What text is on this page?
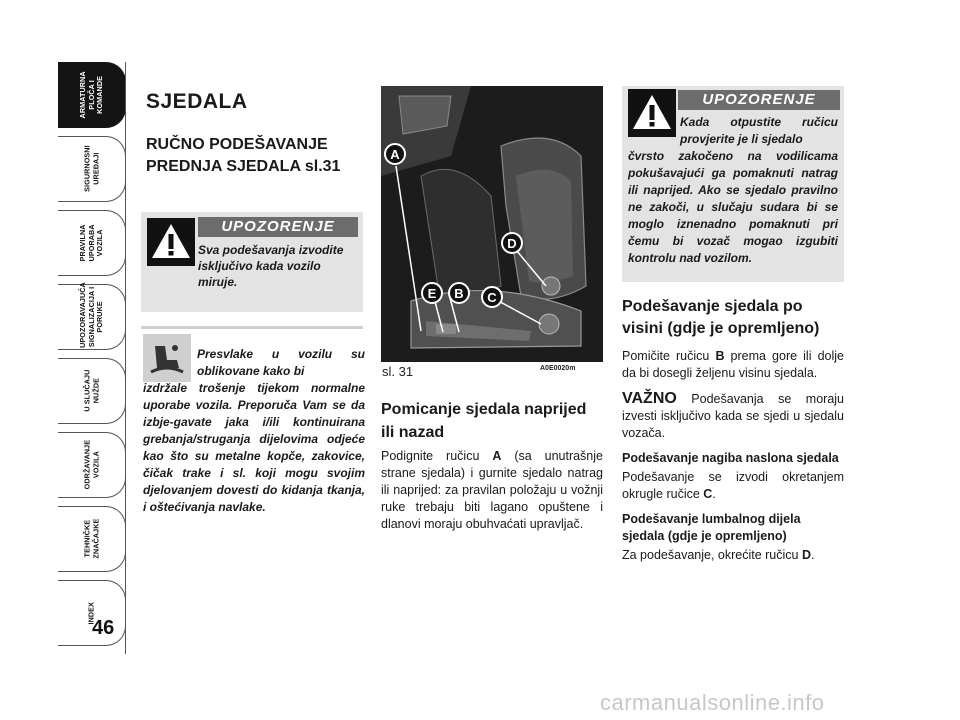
ARMATURNA
PLOČA I
KOMANDE
SIGURNOSNI
UREĐAJI
PRAVILNA
UPORABA
VOZILA
UPOZORAVAJUĆA
SIGNALIZACIJA I
PORUKE
U SLUČAJU
NUŽDE
ODRŽAVANJE
VOZILA
TEHNIČKE
ZNAČAJKE
INDEX
46
SJEDALA
RUČNO PODEŠAVANJE
PREDNJA SJEDALA sl.31
UPOZORENJE
Sva podešavanja izvodite isključivo kada vozilo miruje.
Presvlake u vozilu su oblikovane kako bi
izdržale trošenje tijekom normalne uporabe vozila. Preporuča Vam se da izbje-gavate jaka i/ili kontinuirana grebanja/struganja dijelovima odjeće kao što su metalne kopče, zakovice, čičak trake i sl. koji mogu svojim djelovanjem dovesti do kidanja tkanja, i oštećivanja navlake.
A
B	C
D
E
sl. 31	A0E0020m
Pomicanje sjedala naprijed
ili nazad
Podignite ručicu A (sa unutrašnje strane sjedala) i gurnite sjedalo natrag ili naprijed: za pravilan položaju u vožnji ruke trebaju biti lagano opuštene i dlanovi moraju obuhvaćati upravljač.
UPOZORENJE
Kada otpustite ručicu provjerite je li sjedalo
čvrsto zakočeno na vodilicama pokušavajući ga pomaknuti natrag ili naprijed. Ako se sjedalo pravilno ne zakoči, u slučaju sudara bi se moglo iznenadno pomaknuti pri čemu bi vozač mogao izgubiti kontrolu nad vozilom.
Podešavanje sjedala po
visini (gdje je opremljeno)

Pomičite ručicu B prema gore ili dolje da bi dosegli željenu visinu sjedala.

VAŽNO Podešavanja se moraju izvesti isključivo kada se sjedi u sjedalu vozača.

Podešavanje nagiba naslona sjedala

Podešavanje se izvodi okretanjem okrugle ručice C.

Podešavanje lumbalnog dijela sjedala (gdje je opremljeno)

Za podešavanje, okrećite ručicu D.

carmanualsonline.info
